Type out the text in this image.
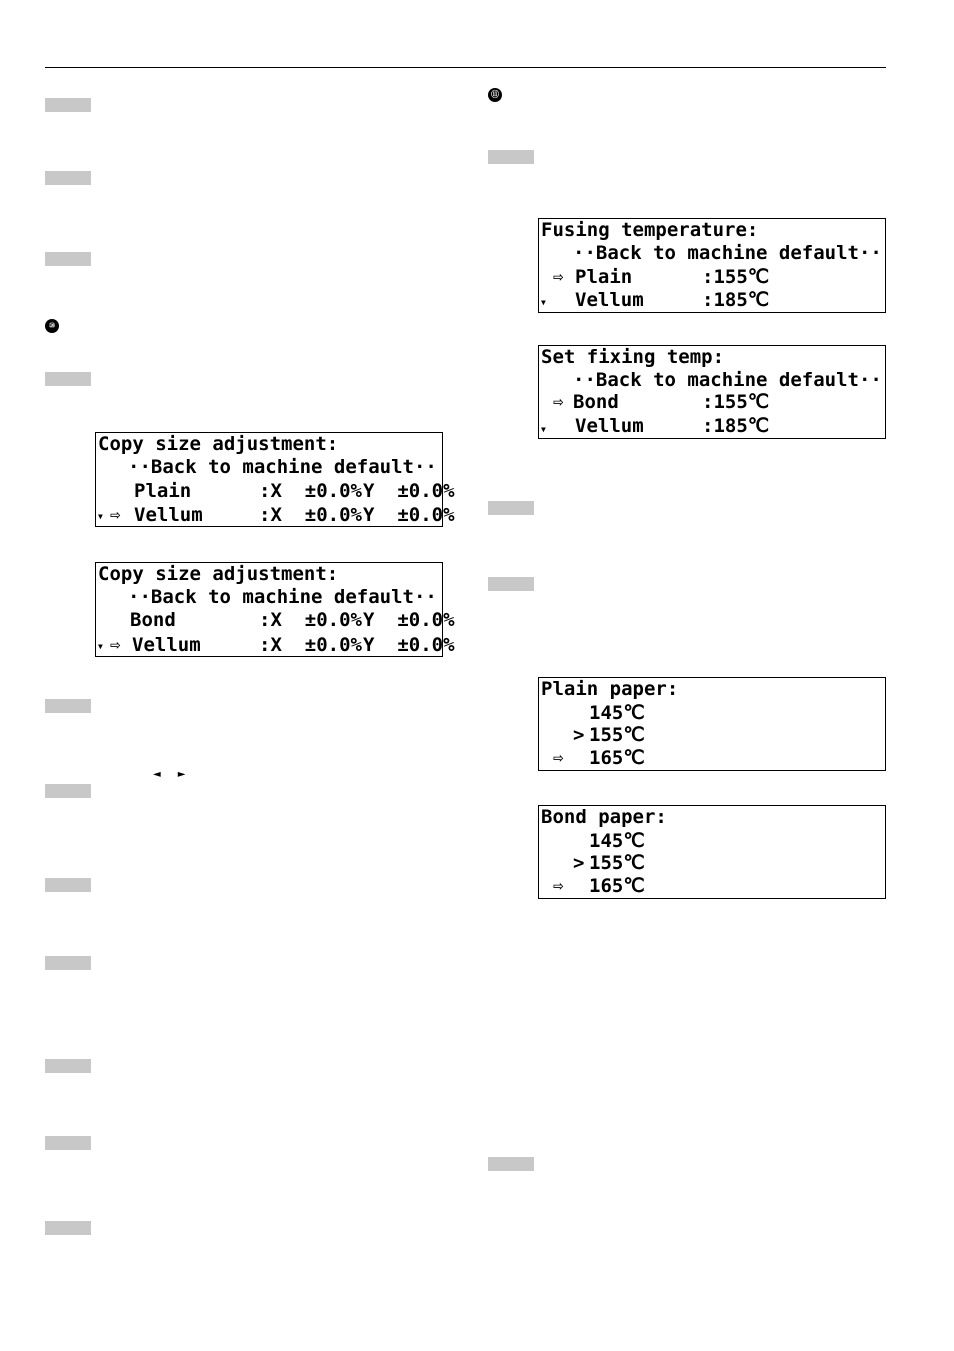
⑩
Copy size adjustment:
··Back to machine default··
Plain	:X  ±0.0% Y  ±0.0%
▼ ⇨ Vellum	:X  ±0.0% Y  ±0.0%
Copy size adjustment:
··Back to machine default··
Bond	:X  ±0.0% Y  ±0.0%
▼ ⇨ Vellum	:X  ±0.0% Y  ±0.0%
◄ ►
⑪
Fusing temperature:
··Back to machine default··
⇨ Plain	:155℃
▼ Vellum	:185℃
Set fixing temp:
··Back to machine default··
⇨ Bond	:155℃
▼ Vellum	:185℃
Plain paper:
145℃
> 155℃
⇨ 165℃
Bond paper:
145℃
> 155℃
⇨ 165℃
